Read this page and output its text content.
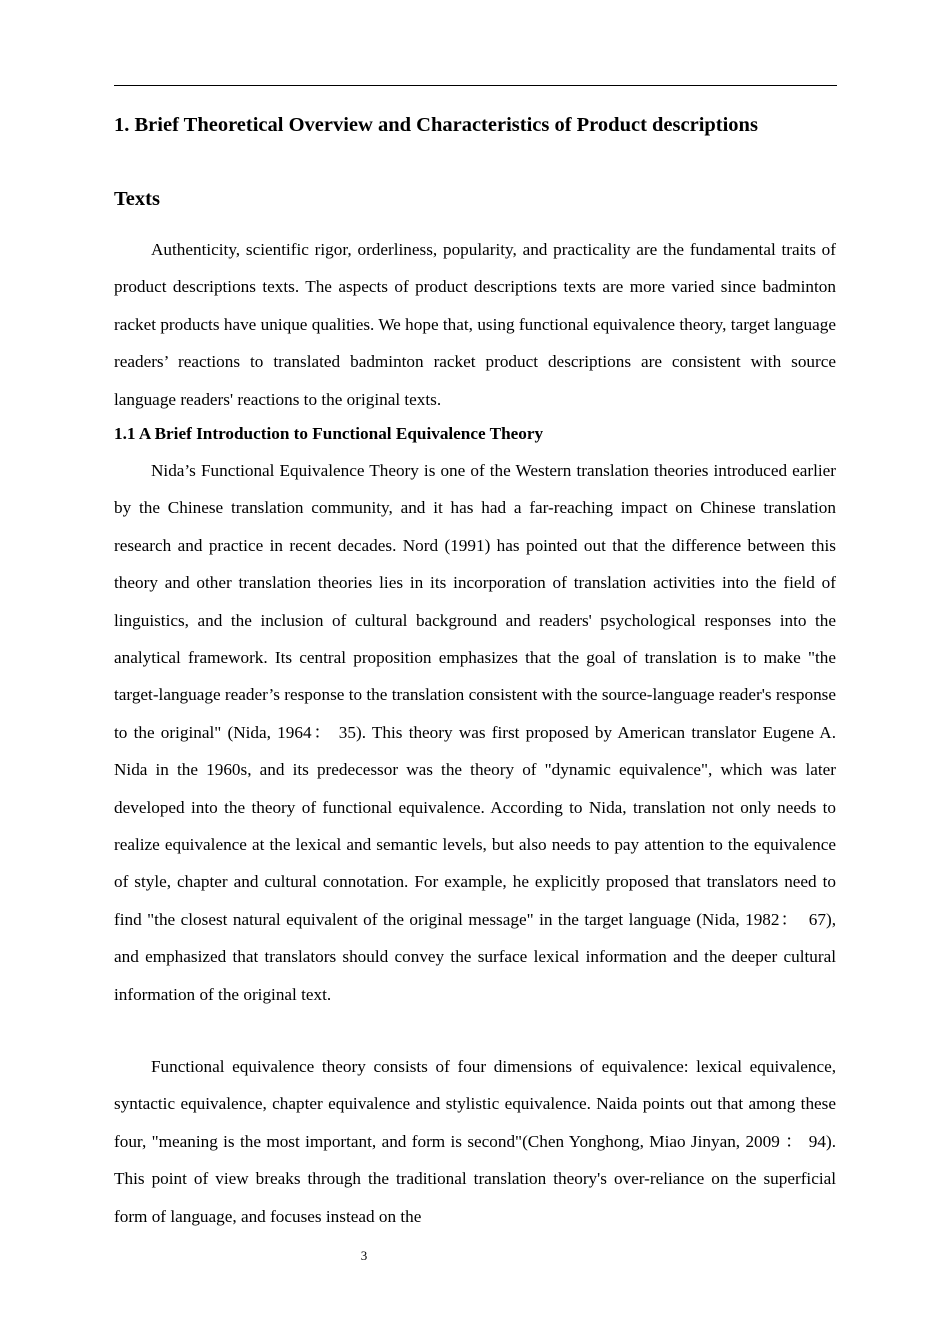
1. Brief Theoretical Overview and Characteristics of Product descriptions
Texts

Authenticity, scientific rigor, orderliness, popularity, and practicality are the fundamental traits of product descriptions texts. The aspects of product descriptions texts are more varied since badminton racket products have unique qualities. We hope that, using functional equivalence theory, target language readers’ reactions to translated badminton racket product descriptions are consistent with source language readers' reactions to the original texts.

1.1 A Brief Introduction to Functional Equivalence Theory

Nida’s Functional Equivalence Theory is one of the Western translation theories introduced earlier by the Chinese translation community, and it has had a far-reaching impact on Chinese translation research and practice in recent decades. Nord (1991) has pointed out that the difference between this theory and other translation theories lies in its incorporation of translation activities into the field of linguistics, and the inclusion of cultural background and readers' psychological responses into the analytical framework. Its central proposition emphasizes that the goal of translation is to make "the target-language reader’s response to the translation consistent with the source-language reader's response to the original" (Nida, 1964： 35). This theory was first proposed by American translator Eugene A. Nida in the 1960s, and its predecessor was the theory of "dynamic equivalence", which was later developed into the theory of functional equivalence. According to Nida, translation not only needs to realize equivalence at the lexical and semantic levels, but also needs to pay attention to the equivalence of style, chapter and cultural connotation. For example, he explicitly proposed that translators need to find "the closest natural equivalent of the original message" in the target language (Nida, 1982：　67), and emphasized that translators should convey the surface lexical information and the deeper cultural information of the original text.

Functional equivalence theory consists of four dimensions of equivalence: lexical equivalence, syntactic equivalence, chapter equivalence and stylistic equivalence. Naida points out that among these four, "meaning is the most important, and form is second"(Chen Yonghong, Miao Jinyan, 2009 ： 94). This point of view breaks through the traditional translation theory's over-reliance on the superficial form of language, and focuses instead on the

3
